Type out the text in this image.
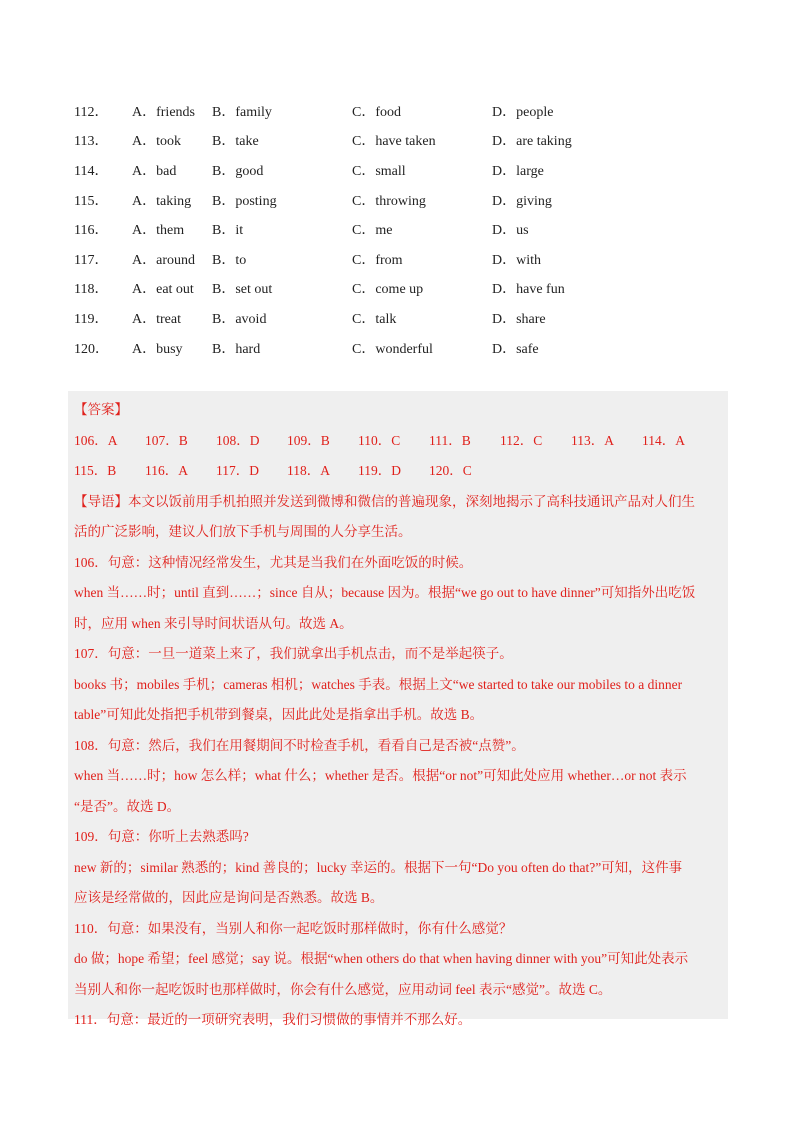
112．	A．friends	B．family	C．food	D．people
113．	A．took	B．take	C．have taken	D．are taking
114．	A．bad	B．good	C．small	D．large
115．	A．taking	B．posting	C．throwing	D．giving
116．	A．them	B．it	C．me	D．us
117．	A．around	B．to	C．from	D．with
118．	A．eat out	B．set out	C．come up	D．have fun
119．	A．treat	B．avoid	C．talk	D．share
120．	A．busy	B．hard	C．wonderful	D．safe
【答案】
106．A	107．B	108．D	109．B	110．C	111．B	112．C	113．A	114．A
115．B	116．A	117．D	118．A	119．D	120．C
【导语】本文以饭前用手机拍照并发送到微博和微信的普遍现象，深刻地揭示了高科技通讯产品对人们生
活的广泛影响，建议人们放下手机与周围的人分享生活。
106．句意：这种情况经常发生，尤其是当我们在外面吃饭的时候。
when 当……时；until 直到……；since 自从；because 因为。根据“we go out to have dinner”可知指外出吃饭
时，应用 when 来引导时间状语从句。故选 A。
107．句意：一旦一道菜上来了，我们就拿出手机点击，而不是举起筷子。
books 书；mobiles 手机；cameras 相机；watches 手表。根据上文“we started to take our mobiles to a dinner
table”可知此处指把手机带到餐桌，因此此处是指拿出手机。故选 B。
108．句意：然后，我们在用餐期间不时检查手机，看看自己是否被“点赞”。
when 当……时；how 怎么样；what 什么；whether 是否。根据“or not”可知此处应用 whether…or not 表示
“是否”。故选 D。
109．句意：你听上去熟悉吗?
new 新的；similar 熟悉的；kind 善良的；lucky 幸运的。根据下一句“Do you often do that?”可知，这件事
应该是经常做的，因此应是询问是否熟悉。故选 B。
110．句意：如果没有，当别人和你一起吃饭时那样做时，你有什么感觉？
do 做；hope 希望；feel 感觉；say 说。根据“when others do that when having dinner with you”可知此处表示
当别人和你一起吃饭时也那样做时，你会有什么感觉，应用动词 feel 表示“感觉”。故选 C。
111．句意：最近的一项研究表明，我们习惯做的事情并不那么好。
